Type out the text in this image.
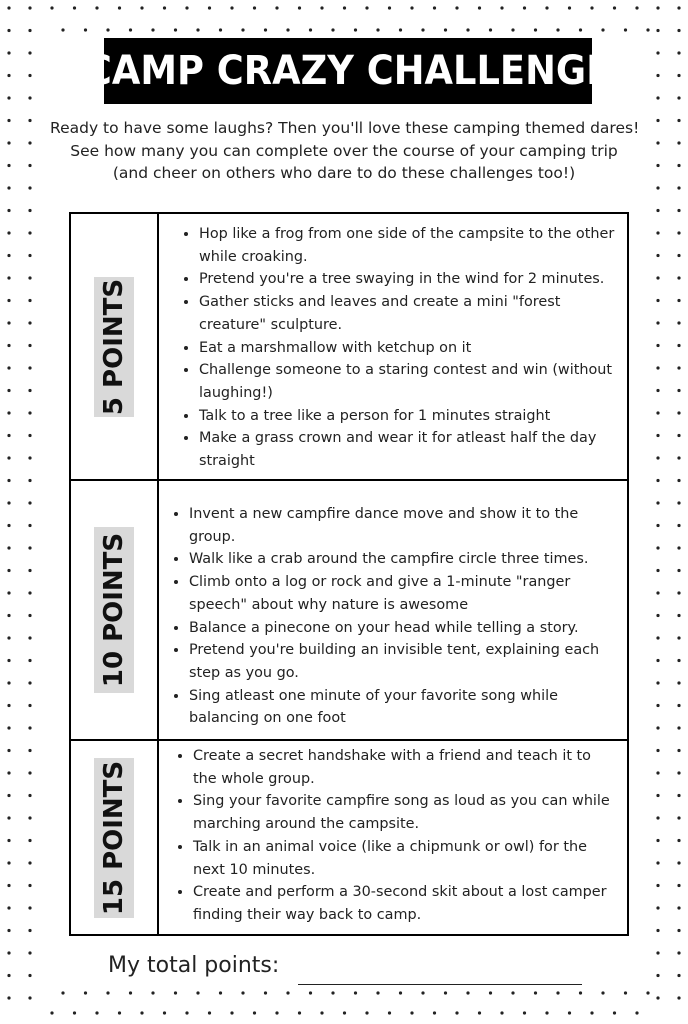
CAMP CRAZY CHALLENGE
Ready to have some laughs? Then you'll love these camping themed dares!
See how many you can complete over the course of your camping trip
(and cheer on others who dare to do these challenges too!)
5 POINTS
• Hop like a frog from one side of the campsite to the other while croaking.
• Pretend you're a tree swaying in the wind for 2 minutes.
• Gather sticks and leaves and create a mini "forest creature" sculpture.
• Eat a marshmallow with ketchup on it
• Challenge someone to a staring contest and win (without laughing!)
• Talk to a tree like a person for 1 minutes straight
• Make a grass crown and wear it for atleast half the day straight
10 POINTS
• Invent a new campfire dance move and show it to the group.
• Walk like a crab around the campfire circle three times.
• Climb onto a log or rock and give a 1-minute "ranger speech" about why nature is awesome
• Balance a pinecone on your head while telling a story.
• Pretend you're building an invisible tent, explaining each step as you go.
• Sing atleast one minute of your favorite song while balancing on one foot
15 POINTS
• Create a secret handshake with a friend and teach it to the whole group.
• Sing your favorite campfire song as loud as you can while marching around the campsite.
• Talk in an animal voice (like a chipmunk or owl) for the next 10 minutes.
• Create and perform a 30-second skit about a lost camper finding their way back to camp.
My total points:
